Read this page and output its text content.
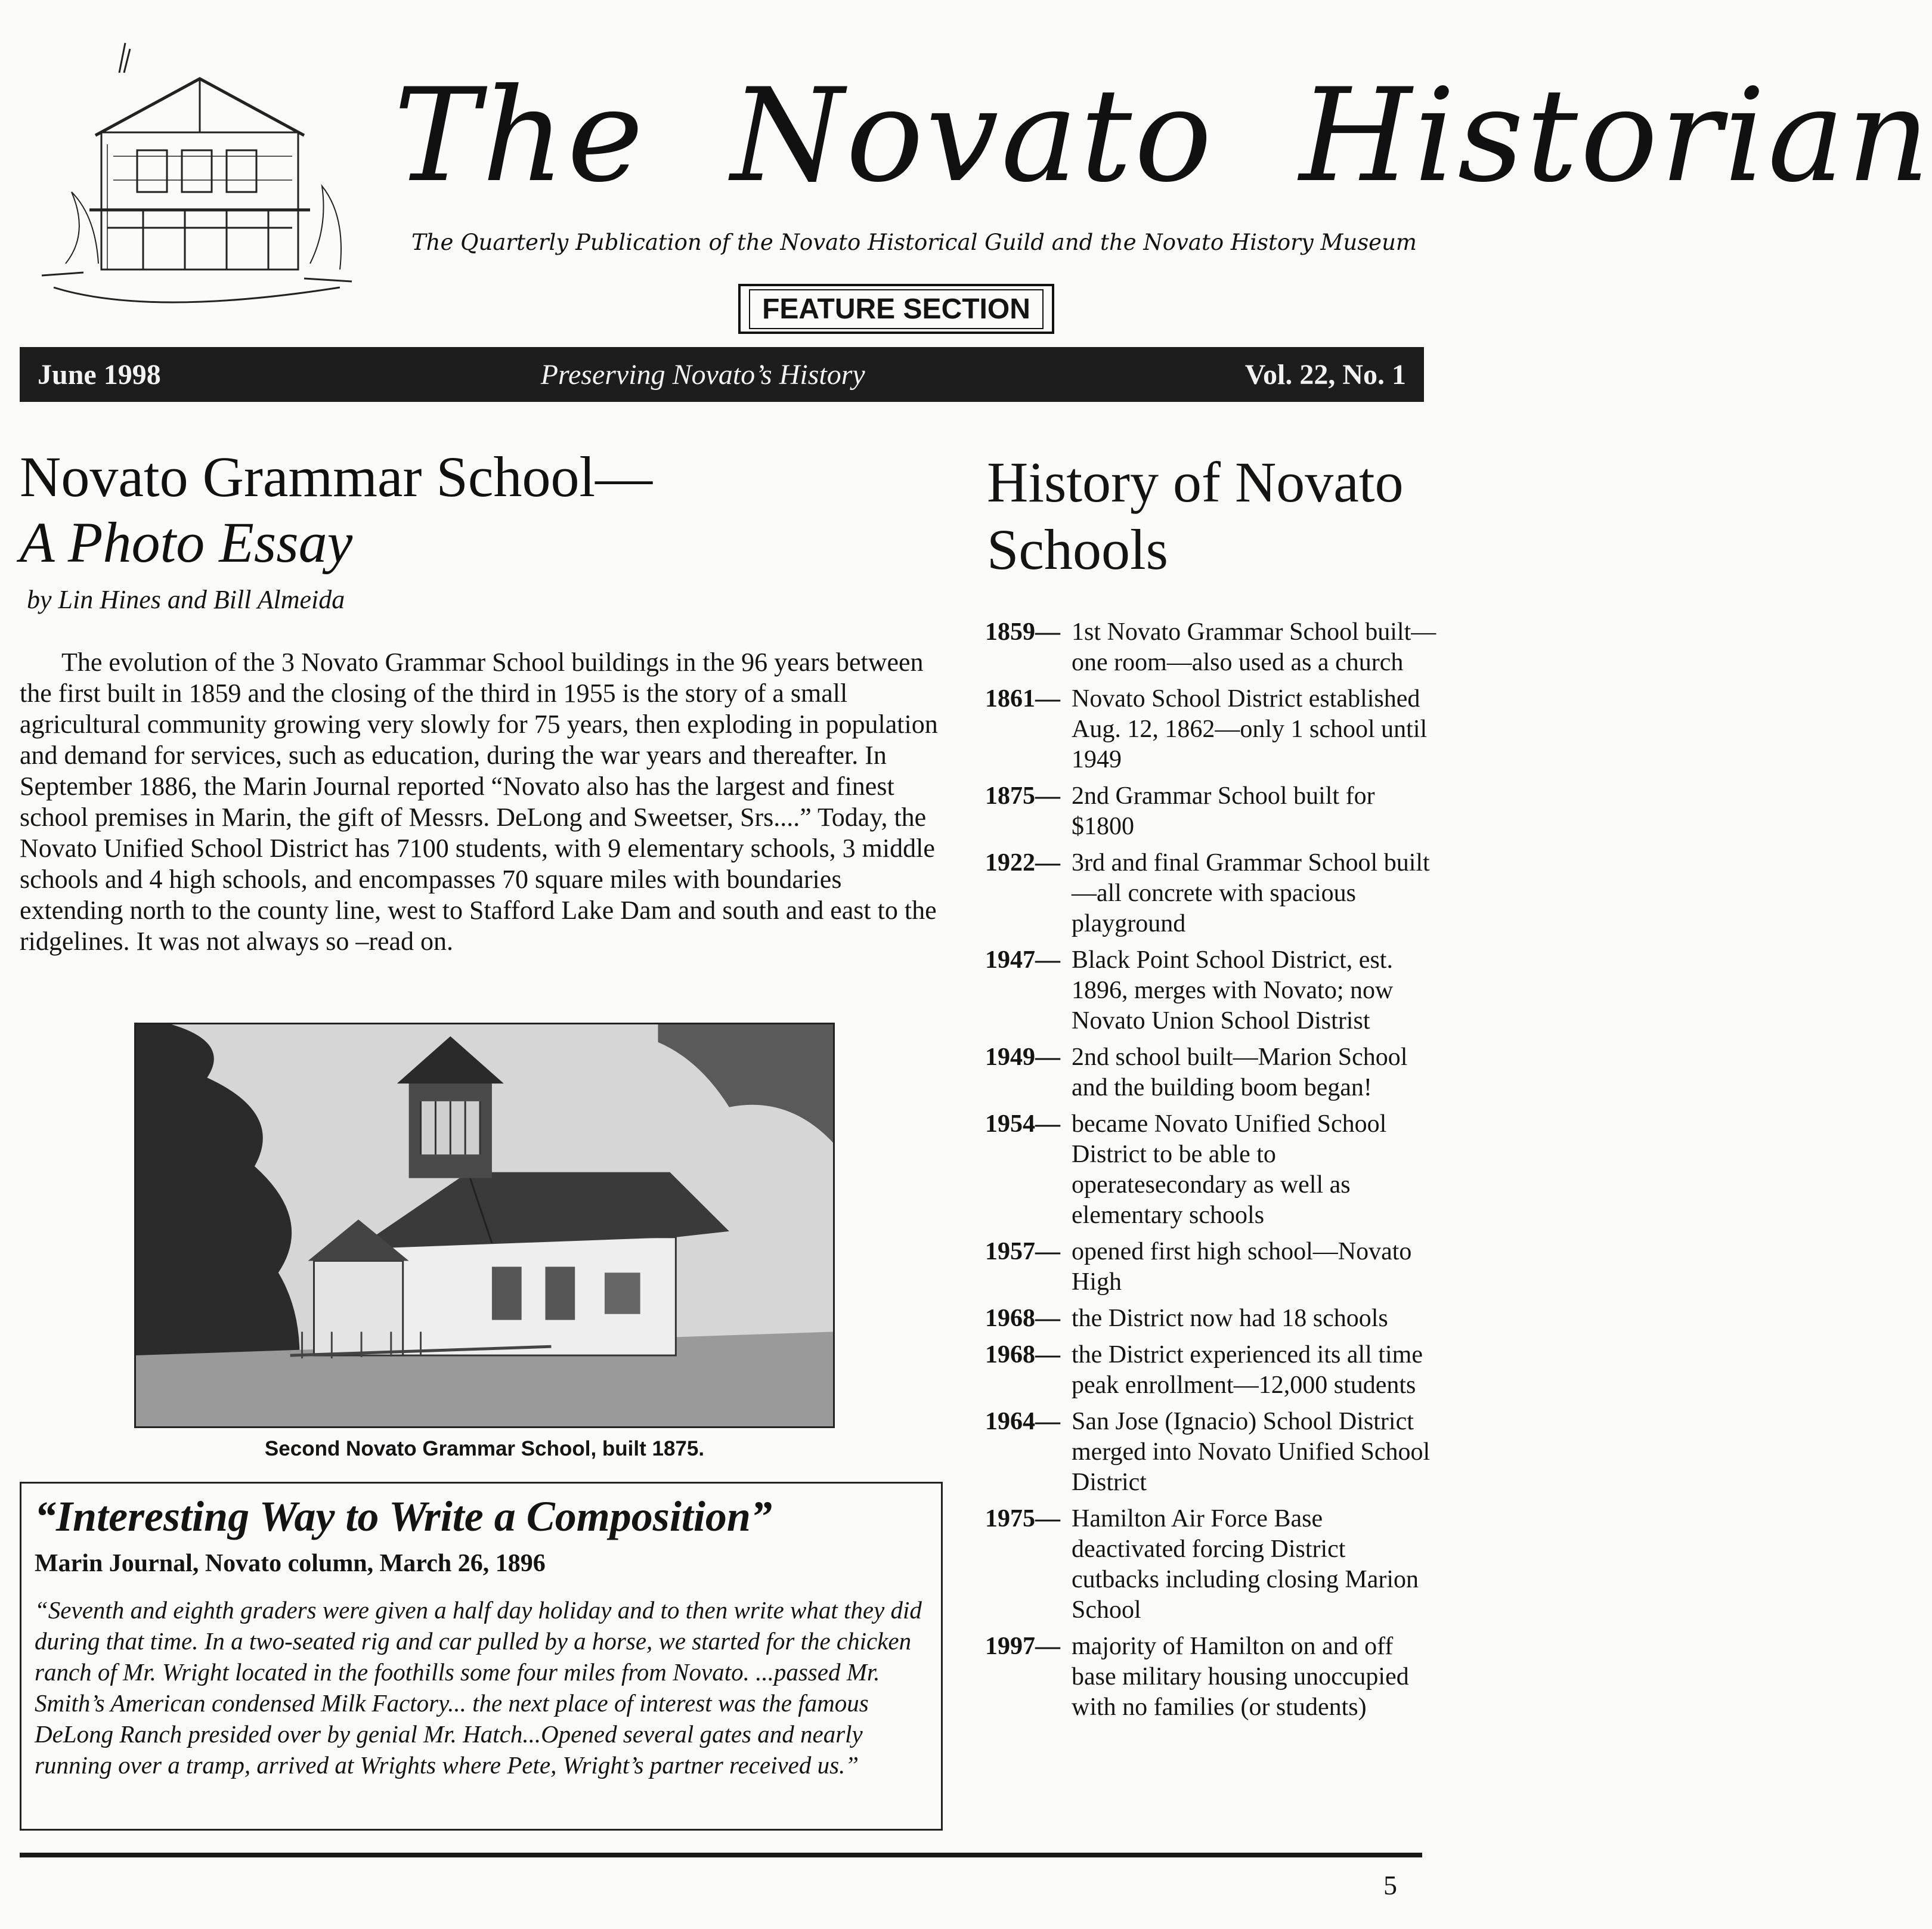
The Novato Historian
The Quarterly Publication of the Novato Historical Guild and the Novato History Museum
FEATURE SECTION
June 1998	Preserving Novato’s History	Vol. 22, No. 1
Novato Grammar School—
A Photo Essay
by Lin Hines and Bill Almeida

The evolution of the 3 Novato Grammar School buildings in the 96 years between the first built in 1859 and the closing of the third in 1955 is the story of a small agricultural community growing very slowly for 75 years, then exploding in population and demand for services, such as education, during the war years and thereafter. In September 1886, the Marin Journal reported “Novato also has the largest and finest school premises in Marin, the gift of Messrs. DeLong and Sweetser, Srs....” Today, the Novato Unified School District has 7100 students, with 9 elementary schools, 3 middle schools and 4 high schools, and encompasses 70 square miles with boundaries extending north to the county line, west to Stafford Lake Dam and south and east to the ridgelines. It was not always so –read on.

Second Novato Grammar School, built 1875.
“Interesting Way to Write a Composition”
Marin Journal, Novato column, March 26, 1896

“Seventh and eighth graders were given a half day holiday and to then write what they did during that time. In a two-seated rig and car pulled by a horse, we started for the chicken ranch of Mr. Wright located in the foothills some four miles from Novato. ...passed Mr. Smith’s American condensed Milk Factory... the next place of interest was the famous DeLong Ranch presided over by genial Mr. Hatch...Opened several gates and nearly running over a tramp, arrived at Wrights where Pete, Wright’s partner received us.”

History of Novato Schools
1859— 1st Novato Grammar School built—one room—also used as a church
1861— Novato School District established Aug. 12, 1862—only 1 school until 1949
1875— 2nd Grammar School built for $1800
1922— 3rd and final Grammar School built—all concrete with spacious playground
1947— Black Point School District, est. 1896, merges with Novato; now Novato Union School Distrist
1949— 2nd school built—Marion School and the building boom began!
1954— became Novato Unified School District to be able to operatesecondary as well as elementary schools
1957— opened first high school—Novato High
1968— the District now had 18 schools
1968— the District experienced its all time peak enrollment—12,000 students
1964— San Jose (Ignacio) School District merged into Novato Unified School District
1975— Hamilton Air Force Base deactivated forcing District cutbacks including closing Marion School
1997— majority of Hamilton on and off base military housing unoccupied with no families (or students)
5
